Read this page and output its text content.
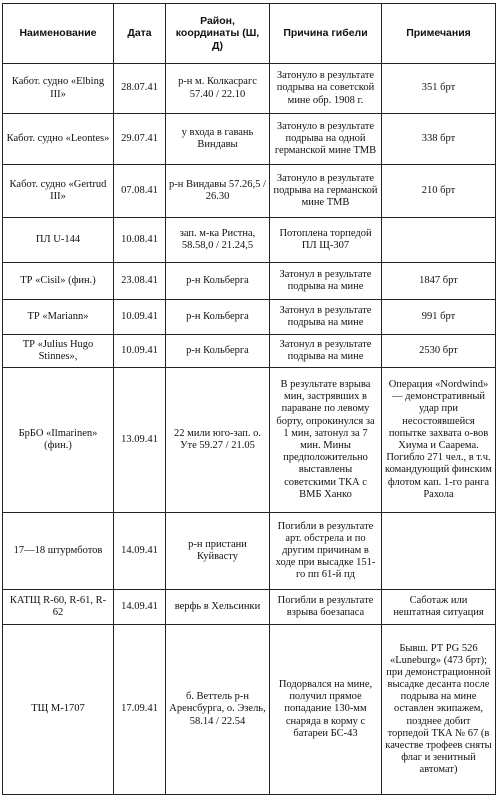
Наименование	Дата	Район, координаты (Ш, Д)	Причина гибели	Примечания
Кабот. судно «Elbing III»	28.07.41	р-н м. Колкасрагс 57.40 / 22.10	Затонуло в результате подрыва на советской мине обр. 1908 г.	351 брт
Кабот. судно «Leontes»	29.07.41	у входа в гавань Виндавы	Затонуло в результате подрыва на одной германской мине ТМВ	338 брт
Кабот. судно «Gertrud III»	07.08.41	р-н Виндавы 57.26,5 / 26.30	Затонуло в результате подрыва на германской мине ТМВ	210 брт
ПЛ U-144	10.08.41	зап. м-ка Ристна, 58.58,0 / 21.24,5	Потоплена торпедой ПЛ Щ-307	
ТР «Cisil» (фин.)	23.08.41	р-н Кольберга	Затонул в результате подрыва на мине	1847 брт
ТР «Mariann»	10.09.41	р-н Кольберга	Затонул в результате подрыва на мине	991 брт
ТР «Julius Hugo Stinnes»,	10.09.41	р-н Кольберга	Затонул в результате подрыва на мине	2530 брт
БрБО «Ilmarinen» (фин.)	13.09.41	22 мили юго-зап. о. Уте 59.27 / 21.05	В результате взрыва мин, застрявших в параване по левому борту, опрокинулся за 1 мин, затонул за 7 мин. Мины предположительно выставлены советскими ТКА с ВМБ Ханко	Операция «Nordwind» — демонстративный удар при несостоявшейся попытке захвата о-вов Хиума и Саарема. Погибло 271 чел., в т.ч. командующий финским флотом кап. 1-го ранга Рахола
17—18 штурмботов	14.09.41	р-н пристани Куйвасту	Погибли в результате арт. обстрела и по другим причинам в ходе при высадке 151-го пп 61-й пд	
КАТЩ R-60, R-61, R-62	14.09.41	верфь в Хельсинки	Погибли в результате взрыва боезапаса	Саботаж или нештатная ситуация
ТЩ М-1707	17.09.41	б. Веттель р-н Аренсбурга, о. Эзель, 58.14 / 22.54	Подорвался на мине, получил прямое попадание 130-мм снаряда в корму с батареи БС-43	Бывш. РТ PG 526 «Luneburg» (473 брт); при демонстрационной высадке десанта после подрыва на мине оставлен экипажем, позднее добит торпедой ТКА № 67 (в качестве трофеев сняты флаг и зенитный автомат)
